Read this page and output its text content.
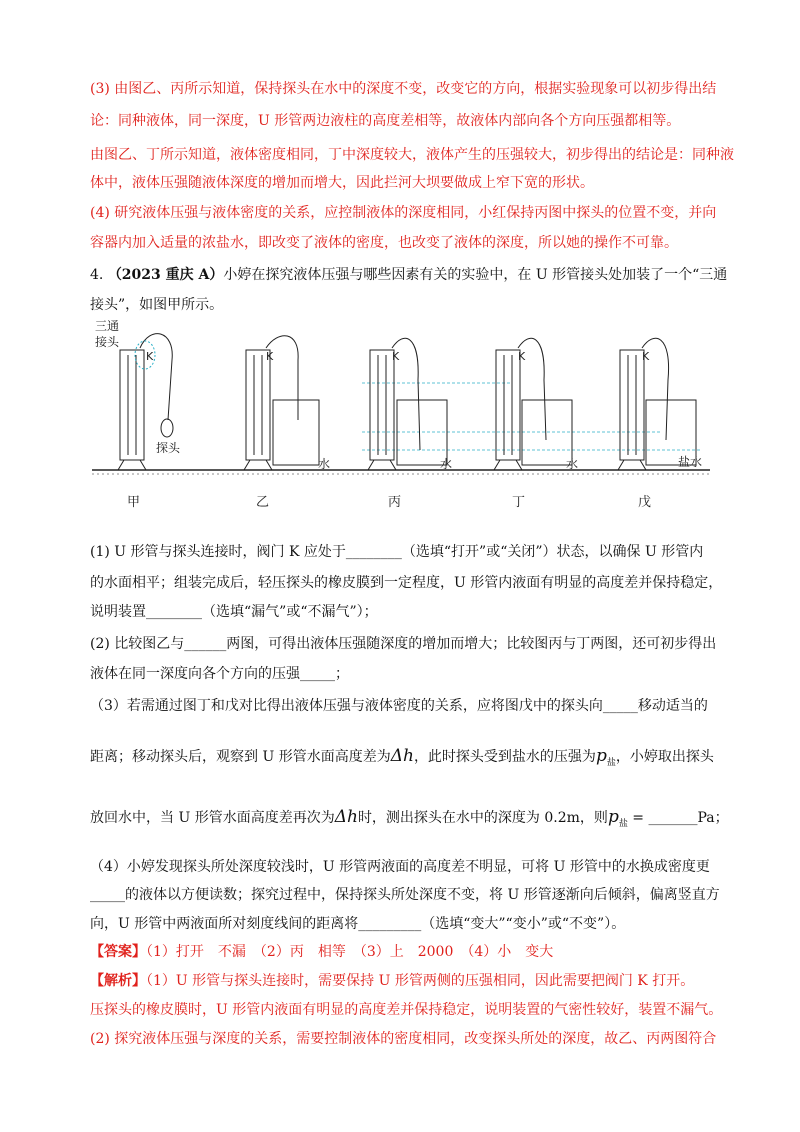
(3) 由图乙、丙所示知道，保持探头在水中的深度不变，改变它的方向，根据实验现象可以初步得出结

论：同种液体，同一深度，U 形管两边液柱的高度差相等，故液体内部向各个方向压强都相等。

由图乙、丁所示知道，液体密度相同，丁中深度较大，液体产生的压强较大，初步得出的结论是：同种液

体中，液体压强随液体深度的增加而增大，因此拦河大坝要做成上窄下宽的形状。

(4) 研究液体压强与液体密度的关系，应控制液体的深度相同，小红保持丙图中探头的位置不变，并向

容器内加入适量的浓盐水，即改变了液体的密度，也改变了液体的深度，所以她的操作不可靠。

4. （2023 重庆 A）小婷在探究液体压强与哪些因素有关的实验中，在 U 形管接头处加装了一个“三通

接头”，如图甲所示。

三通
接头
K	K	K	K	K
探头
水	水	水	盐水
甲	乙	丙	丁	戊

(1) U 形管与探头连接时，阀门 K 应处于________（选填“打开”或“关闭”）状态，以确保 U 形管内

的水面相平；组装完成后，轻压探头的橡皮膜到一定程度，U 形管内液面有明显的高度差并保持稳定，

说明装置________（选填“漏气”或“不漏气”）；

(2) 比较图乙与______两图，可得出液体压强随深度的增加而增大；比较图丙与丁两图，还可初步得出

液体在同一深度向各个方向的压强_____；

（3）若需通过图丁和戊对比得出液体压强与液体密度的关系，应将图戊中的探头向_____移动适当的

距离；移动探头后，观察到 U 形管水面高度差为Δh，此时探头受到盐水的压强为$p_盐$，小婷取出探头

放回水中，当 U 形管水面高度差再次为Δh时，测出探头在水中的深度为 0.2m，则$p_盐$ = _______Pa；

（4）小婷发现探头所处深度较浅时，U 形管两液面的高度差不明显，可将 U 形管中的水换成密度更

_____的液体以方便读数；探究过程中，保持探头所处深度不变，将 U 形管逐渐向后倾斜，偏离竖直方

向，U 形管中两液面所对刻度线间的距离将_________（选填“变大”“变小”或“不变”）。

【答案】（1）打开　不漏　（2）丙　相等　（3）上　2000　（4）小　变大

【解析】（1）U 形管与探头连接时，需要保持 U 形管两侧的压强相同，因此需要把阀门 K 打开。

压探头的橡皮膜时，U 形管内液面有明显的高度差并保持稳定，说明装置的气密性较好，装置不漏气。

(2) 探究液体压强与深度的关系，需要控制液体的密度相同，改变探头所处的深度，故乙、丙两图符合
